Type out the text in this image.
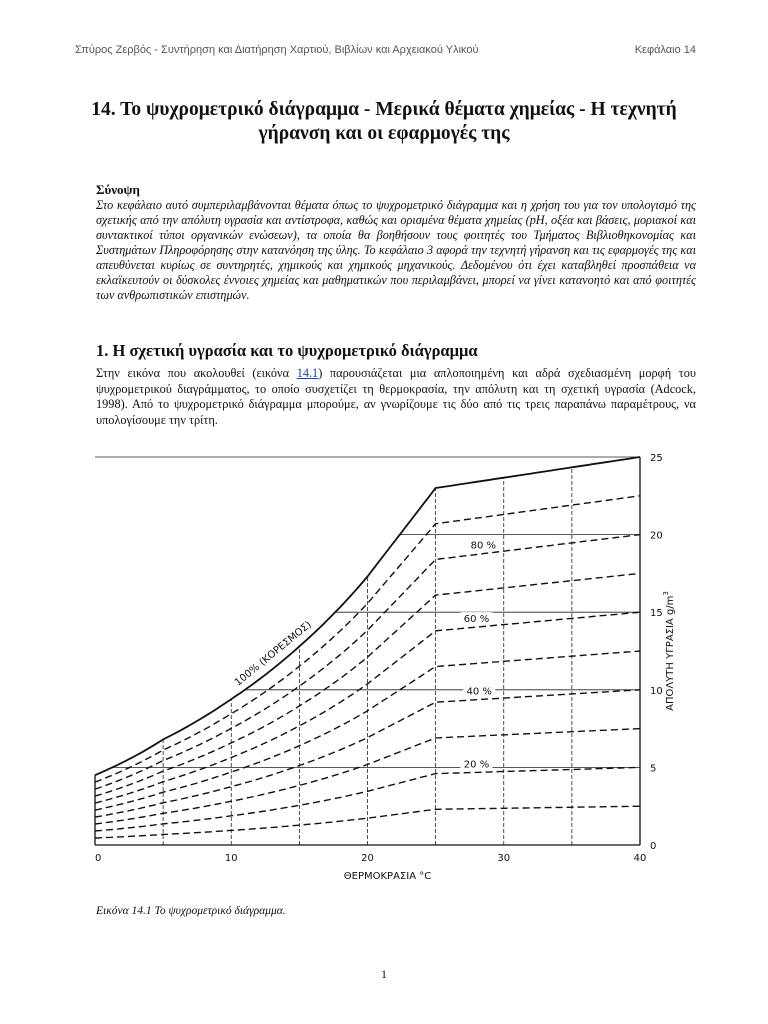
Σπύρος Ζερβός - Συντήρηση και Διατήρηση Χαρτιού, Βιβλίων και Αρχειακού Υλικού	Κεφάλαιο 14
14. Το ψυχρομετρικό διάγραμμα - Μερικά θέματα χημείας - Η τεχνητή
γήρανση και οι εφαρμογές της
Σύνοψη
Στο κεφάλαιο αυτό συμπεριλαμβάνονται θέματα όπως το ψυχρομετρικό διάγραμμα και η χρήση του για τον υπολογισμό της σχετικής από την απόλυτη υγρασία και αντίστροφα, καθώς και ορισμένα θέματα χημείας (pH, οξέα και βάσεις, μοριακοί και συντακτικοί τύποι οργανικών ενώσεων), τα οποία θα βοηθήσουν τους φοιτητές του Τμήματος Βιβλιοθηκονομίας και Συστημάτων Πληροφόρησης στην κατανόηση της ύλης. Το κεφάλαιο 3 αφορά την τεχνητή γήρανση και τις εφαρμογές της και απευθύνεται κυρίως σε συντηρητές, χημικούς και χημικούς μηχανικούς. Δεδομένου ότι έχει καταβληθεί προσπάθεια να εκλαϊκευτούν οι δύσκολες έννοιες χημείας και μαθηματικών που περιλαμβάνει, μπορεί να γίνει κατανοητό και από φοιτητές των ανθρωπιστικών επιστημών.
1. Η σχετική υγρασία και το ψυχρομετρικό διάγραμμα
Στην εικόνα που ακολουθεί (εικόνα 14.1) παρουσιάζεται μια απλοποιημένη και αδρά σχεδιασμένη μορφή του ψυχρομετρικού διαγράμματος, το οποίο συσχετίζει τη θερμοκρασία, την απόλυτη και τη σχετική υγρασία (Adcock, 1998). Από το ψυχρομετρικό διάγραμμα μπορούμε, αν γνωρίζουμε τις δύο από τις τρεις παραπάνω παραμέτρους, να υπολογίσουμε την τρίτη.
0	10	20	30	40
0
5
10
15
20
25
ΘΕΡΜΟΚΡΑΣΙΑ °C
ΑΠΟΛΥΤΗ ΥΓΡΑΣΙΑ $g/m^3$
100% (ΚΟΡΕΣΜΟΣ)
80 %
60 %
40 %
20 %
Εικόνα 14.1 Το ψυχρομετρικό διάγραμμα.
1
